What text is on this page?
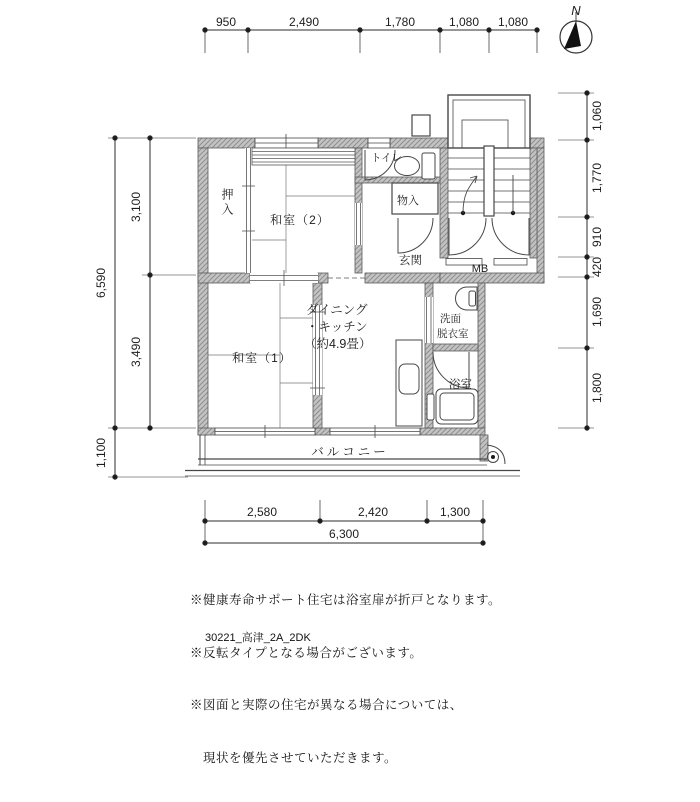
950	2,490	1,780	1,080 1,080
6,590
3,100
3,490
1,100
1,060
1,770
910
420
1,690
1,800
2,580	2,420	1,300
6,300
N
押入
和室（2）
トイレ
物入
玄関
MB
ダイニング
・キッチン
（約4.9畳）
洗面
脱衣室
和室（1）
浴室
バルコニー

※健康寿命サポート住宅は浴室扉が折戸となります。

※反転タイプとなる場合がございます。

※図面と実際の住宅が異なる場合については、

　現状を優先させていただきます。

30221_高津_2A_2DK
